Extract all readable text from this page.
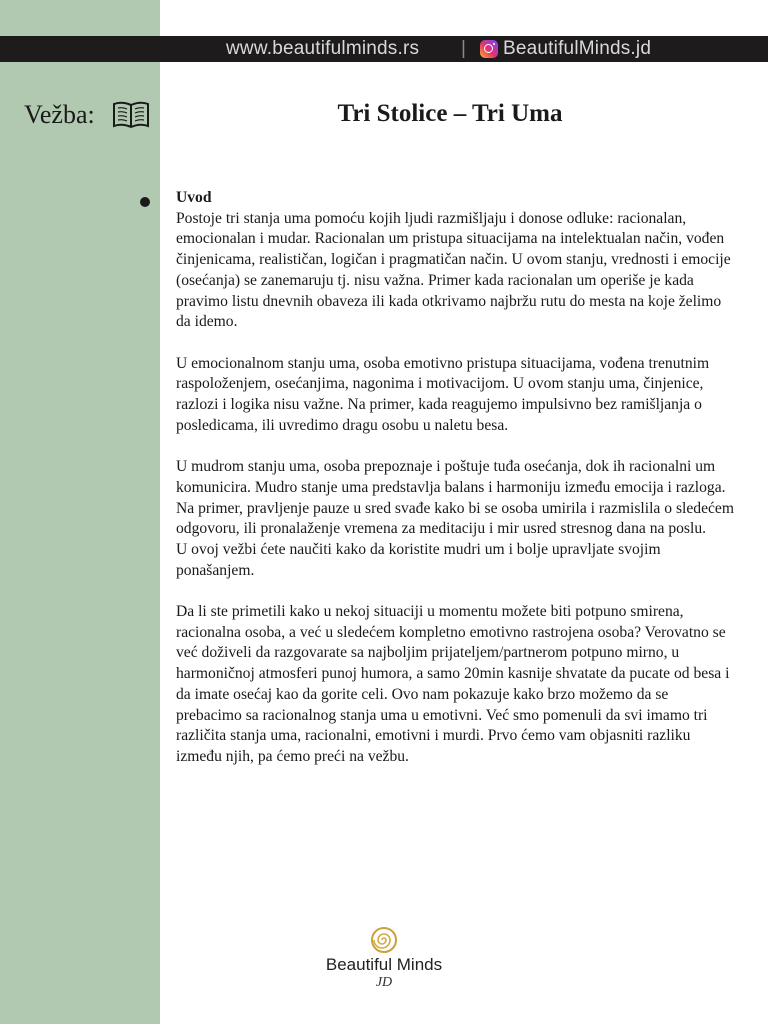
www.beautifulminds.rs | BeautifulMinds.jd
Vežba:	Tri Stolice – Tri Uma
Uvod

Postoje tri stanja uma pomoću kojih ljudi razmišljaju i donose odluke: racionalan, emocionalan i mudar. Racionalan um pristupa situacijama na intelektualan način, vođen činjenicama, realističan, logičan i pragmatičan način. U ovom stanju, vrednosti i emocije (osećanja) se zanemaruju tj. nisu važna. Primer kada racionalan um operiše je kada pravimo listu dnevnih obaveza ili kada otkrivamo najbržu rutu do mesta na koje želimo da idemo.

U emocionalnom stanju uma, osoba emotivno pristupa situacijama, vođena trenutnim raspoloženjem, osećanjima, nagonima i motivacijom. U ovom stanju uma, činjenice, razlozi i logika nisu važne. Na primer, kada reagujemo impulsivno bez ramišljanja o posledicama, ili uvredimo dragu osobu u naletu besa.

U mudrom stanju uma, osoba prepoznaje i poštuje tuđa osećanja, dok ih racionalni um komunicira. Mudro stanje uma predstavlja balans i harmoniju između emocija i razloga. Na primer, pravljenje pauze u sred svađe kako bi se osoba umirila i razmislila o sledećem odgovoru, ili pronalaženje vremena za meditaciju i mir usred stresnog dana na poslu.
U ovoj vežbi ćete naučiti kako da koristite mudri um i bolje upravljate svojim ponašanjem.

Da li ste primetili kako u nekoj situaciji u momentu možete biti potpuno smirena, racionalna osoba, a već u sledećem kompletno emotivno rastrojena osoba? Verovatno se već doživeli da razgovarate sa najboljim prijateljem/partnerom potpuno mirno, u harmoničnoj atmosferi punoj humora, a samo 20min kasnije shvatate da pucate od besa i da imate osećaj kao da gorite celi. Ovo nam pokazuje kako brzo možemo da se prebacimo sa racionalnog stanja uma u emotivni. Već smo pomenuli da svi imamo tri različita stanja uma, racionalni, emotivni i murdi. Prvo ćemo vam objasniti razliku između njih, pa ćemo preći na vežbu.

Beautiful Minds
JD
